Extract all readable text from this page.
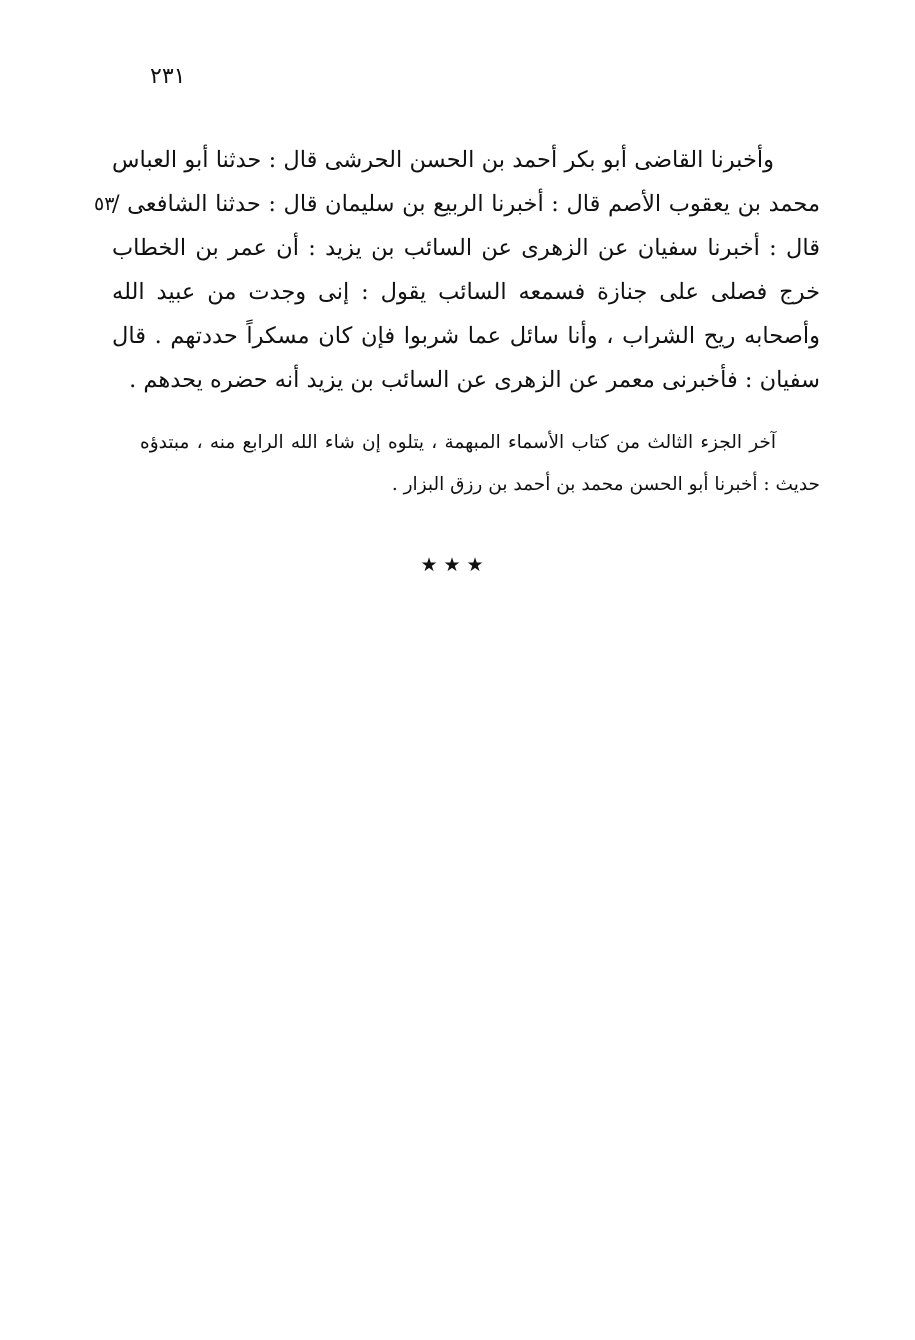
٢٣١
٥٣
وأخبرنا القاضى أبو بكر أحمد بن الحسن الحرشى قال : حدثنا أبو العباس
محمد بن يعقوب الأصم قال : أخبرنا الربيع بن سليمان قال : حدثنا الشافعى /
قال : أخبرنا سفيان عن الزهرى عن السائب بن يزيد : أن عمر بن الخطاب
خرج فصلى على جنازة فسمعه السائب يقول : إنى وجدت من عبيد الله
وأصحابه ريح الشراب ، وأنا سائل عما شربوا فإن كان مسكراً حددتهم . قال
سفيان : فأخبرنى معمر عن الزهرى عن السائب بن يزيد أنه حضره يحدهم .
آخر الجزء الثالث من كتاب الأسماء المبهمة ، يتلوه إن شاء الله الرابع منه ، مبتدؤه
حديث : أخبرنا أبو الحسن محمد بن أحمد بن رزق البزار .
★★★
